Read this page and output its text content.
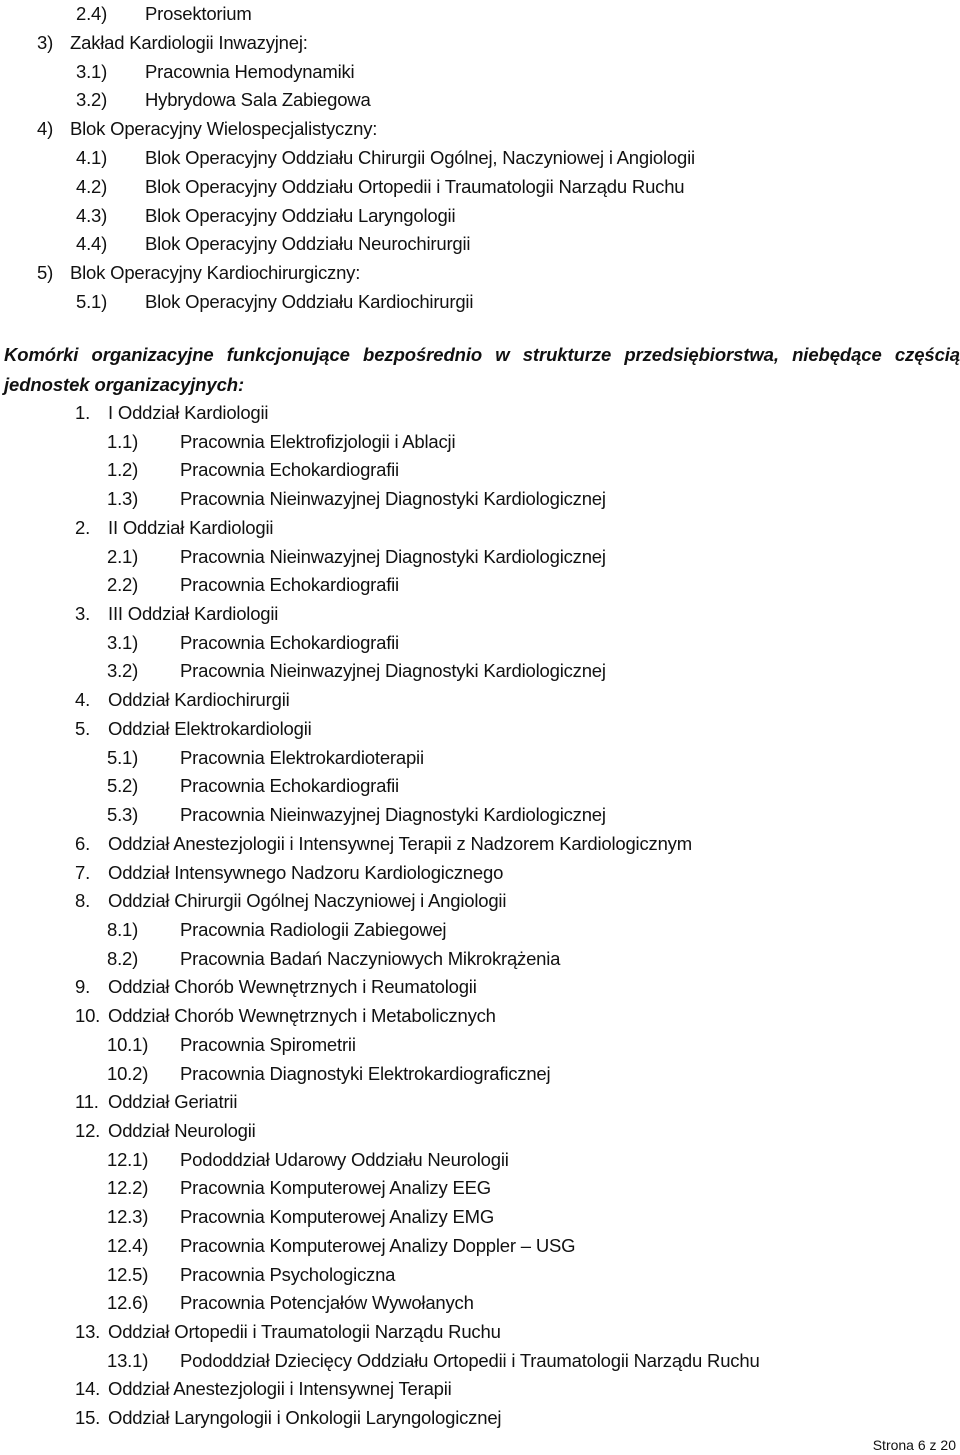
2.4) Prosektorium
3) Zakład Kardiologii Inwazyjnej:
3.1) Pracownia Hemodynamiki
3.2) Hybrydowa Sala Zabiegowa
4) Blok Operacyjny Wielospecjalistyczny:
4.1) Blok Operacyjny Oddziału Chirurgii Ogólnej, Naczyniowej i Angiologii
4.2) Blok Operacyjny Oddziału Ortopedii i Traumatologii Narządu Ruchu
4.3) Blok Operacyjny Oddziału Laryngologii
4.4) Blok Operacyjny Oddziału Neurochirurgii
5) Blok Operacyjny Kardiochirurgiczny:
5.1) Blok Operacyjny Oddziału Kardiochirurgii
Komórki organizacyjne funkcjonujące bezpośrednio w strukturze przedsiębiorstwa, niebędące częścią
jednostek organizacyjnych:
1. I Oddział Kardiologii
1.1) Pracownia Elektrofizjologii i Ablacji
1.2) Pracownia Echokardiografii
1.3) Pracownia Nieinwazyjnej Diagnostyki Kardiologicznej
2. II Oddział Kardiologii
2.1) Pracownia Nieinwazyjnej Diagnostyki Kardiologicznej
2.2) Pracownia Echokardiografii
3. III Oddział Kardiologii
3.1) Pracownia Echokardiografii
3.2) Pracownia Nieinwazyjnej Diagnostyki Kardiologicznej
4. Oddział Kardiochirurgii
5. Oddział Elektrokardiologii
5.1) Pracownia Elektrokardioterapii
5.2) Pracownia Echokardiografii
5.3) Pracownia Nieinwazyjnej Diagnostyki Kardiologicznej
6. Oddział Anestezjologii i Intensywnej Terapii z Nadzorem Kardiologicznym
7. Oddział Intensywnego Nadzoru Kardiologicznego
8. Oddział Chirurgii Ogólnej Naczyniowej i Angiologii
8.1) Pracownia Radiologii Zabiegowej
8.2) Pracownia Badań Naczyniowych Mikrokrążenia
9. Oddział Chorób Wewnętrznych i Reumatologii
10. Oddział Chorób Wewnętrznych i Metabolicznych
10.1) Pracownia Spirometrii
10.2) Pracownia Diagnostyki Elektrokardiograficznej
11. Oddział Geriatrii
12. Oddział Neurologii
12.1) Pododdział Udarowy Oddziału Neurologii
12.2) Pracownia Komputerowej Analizy EEG
12.3) Pracownia Komputerowej Analizy EMG
12.4) Pracownia Komputerowej Analizy Doppler – USG
12.5) Pracownia Psychologiczna
12.6) Pracownia Potencjałów Wywołanych
13. Oddział Ortopedii i Traumatologii Narządu Ruchu
13.1) Pododdział Dziecięcy Oddziału Ortopedii i Traumatologii Narządu Ruchu
14. Oddział Anestezjologii i Intensywnej Terapii
15. Oddział Laryngologii i Onkologii Laryngologicznej
Strona 6 z 20
